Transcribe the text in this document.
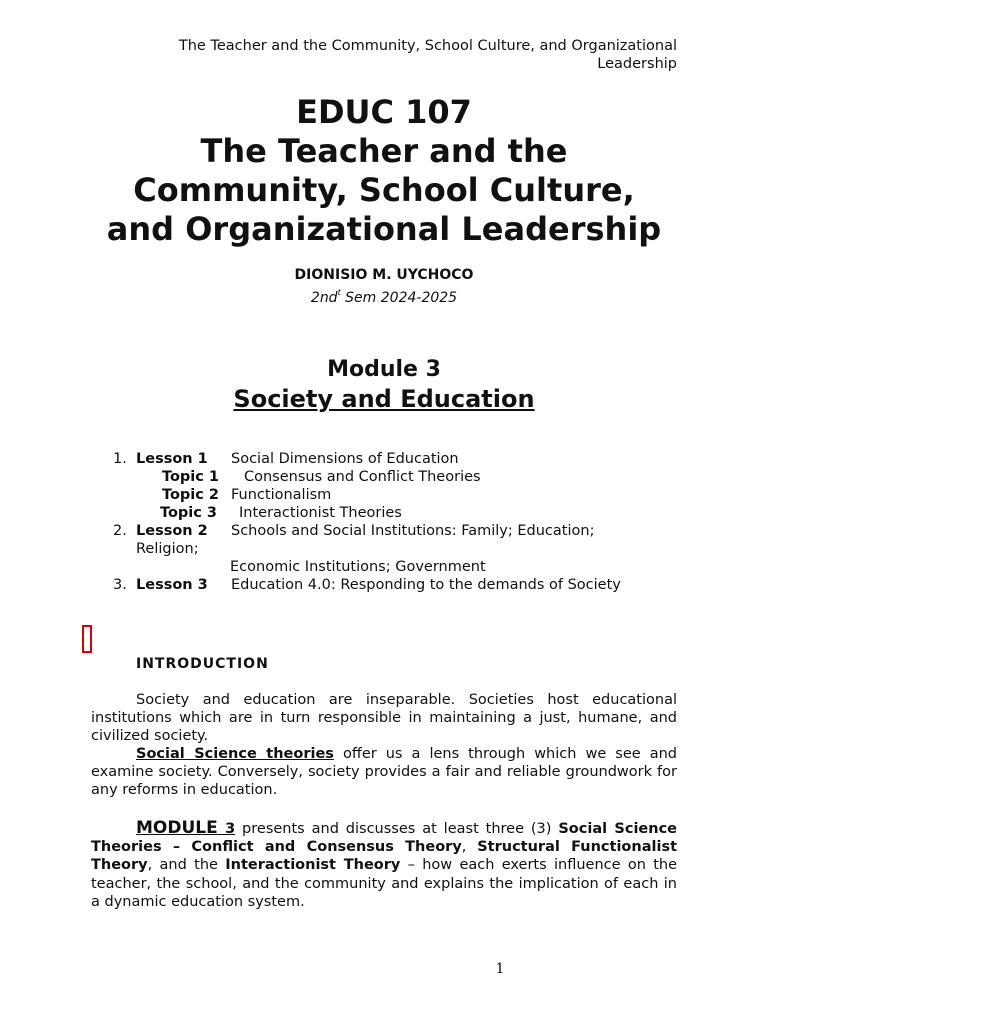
The Teacher and the Community, School Culture, and Organizational Leadership
EDUC 107
The Teacher and the
Community, School Culture,
and Organizational Leadership
DIONISIO M. UYCHOCO
$2nd^t$ Sem 2024-2025
Module 3
Society and Education
1. Lesson 1 Social Dimensions of Education
Topic 1 Consensus and Conflict Theories
Topic 2 Functionalism
Topic 3 Interactionist Theories
2. Lesson 2 Schools and Social Institutions: Family; Education;
Religion;
Economic Institutions; Government
3. Lesson 3 Education 4.0: Responding to the demands of Society
INTRODUCTION
Society and education are inseparable. Societies host educational institutions which are in turn responsible in maintaining a just, humane, and civilized society.
Social Science theories offer us a lens through which we see and examine society. Conversely, society provides a fair and reliable groundwork for any reforms in education.
MODULE 3 presents and discusses at least three (3) Social Science Theories – Conflict and Consensus Theory, Structural Functionalist Theory, and the Interactionist Theory – how each exerts influence on the teacher, the school, and the community and explains the implication of each in a dynamic education system.
1
